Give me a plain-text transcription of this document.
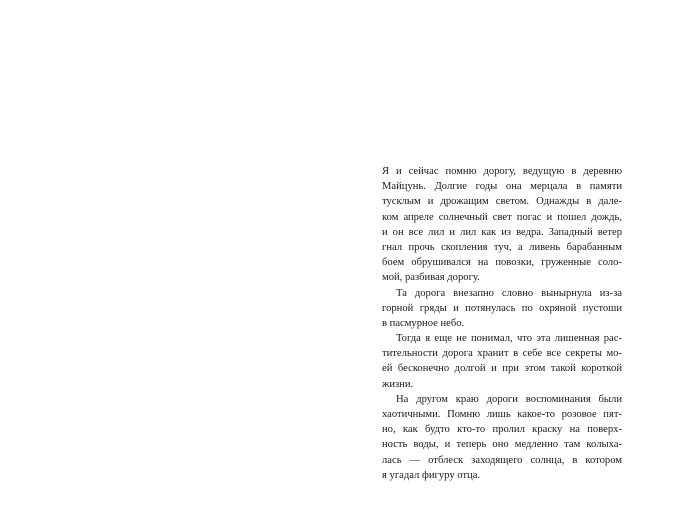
Я и сейчас помню дорогу, ведущую в деревню
Майцунь. Долгие годы она мерцала в памяти
тусклым и дрожащим светом. Однажды в дале-
ком апреле солнечный свет погас и пошел дождь,
и он все лил и лил как из ведра. Западный ветер
гнал прочь скопления туч, а ливень барабанным
боем обрушивался на повозки, груженные соло-
мой, разбивая дорогу.
Та дорога внезапно словно вынырнула из-за
горной гряды и потянулась по охряной пустоши
в пасмурное небо.
Тогда я еще не понимал, что эта лишенная рас-
тительности дорога хранит в себе все секреты мо-
ей бесконечно долгой и при этом такой короткой
жизни.
На другом краю дороги воспоминания были
хаотичными. Помню лишь какое-то розовое пят-
но, как будто кто-то пролил краску на поверх-
ность воды, и теперь оно медленно там колыха-
лась — отблеск заходящего солнца, в котором
я угадал фигуру отца.
